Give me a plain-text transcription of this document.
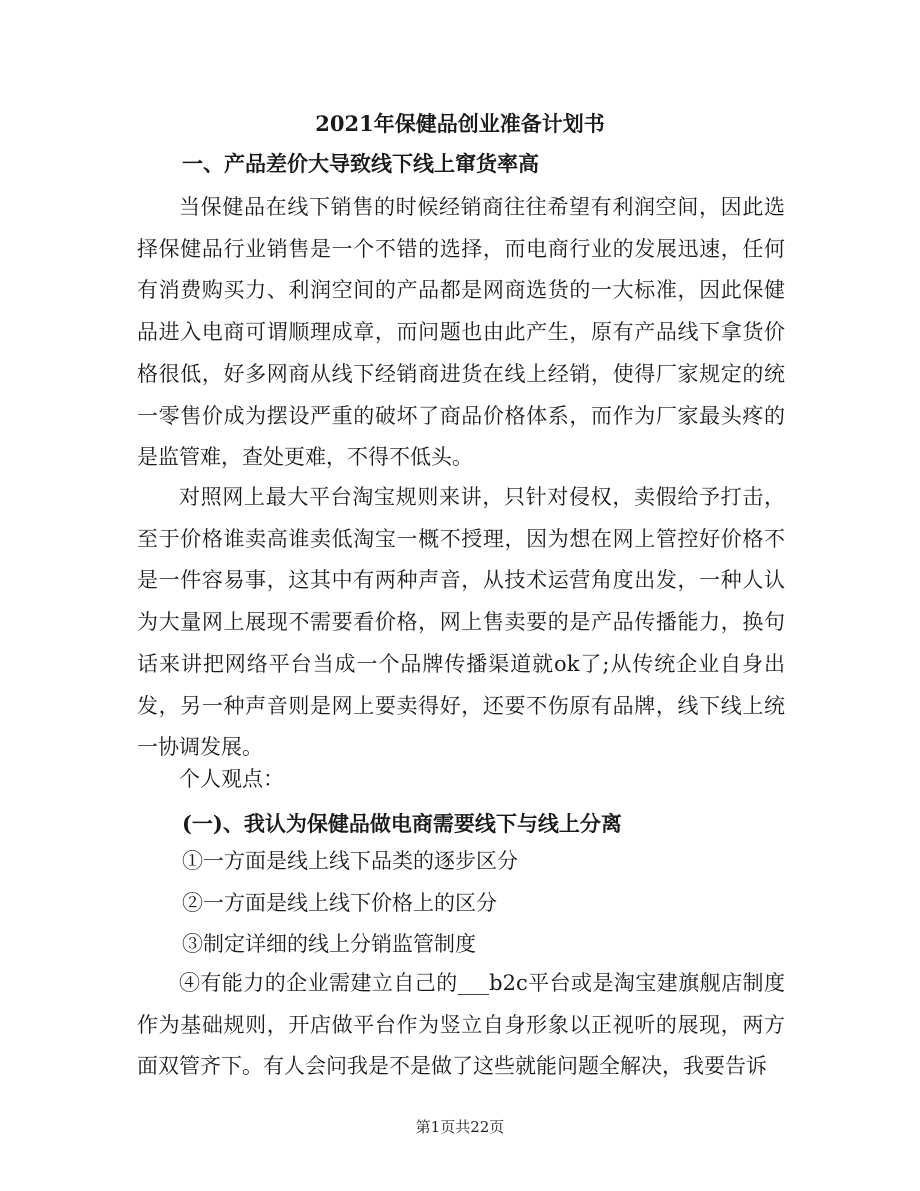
2021年保健品创业准备计划书
一、产品差价大导致线下线上窜货率高

当保健品在线下销售的时候经销商往往希望有利润空间，因此选择保健品行业销售是一个不错的选择，而电商行业的发展迅速，任何有消费购买力、利润空间的产品都是网商选货的一大标准，因此保健品进入电商可谓顺理成章，而问题也由此产生，原有产品线下拿货价格很低，好多网商从线下经销商进货在线上经销，使得厂家规定的统一零售价成为摆设严重的破坏了商品价格体系，而作为厂家最头疼的是监管难，查处更难，不得不低头。

对照网上最大平台淘宝规则来讲，只针对侵权，卖假给予打击，至于价格谁卖高谁卖低淘宝一概不授理，因为想在网上管控好价格不是一件容易事，这其中有两种声音，从技术运营角度出发，一种人认为大量网上展现不需要看价格，网上售卖要的是产品传播能力，换句话来讲把网络平台当成一个品牌传播渠道就ok了;从传统企业自身出发，另一种声音则是网上要卖得好，还要不伤原有品牌，线下线上统一协调发展。

个人观点：

(一)、我认为保健品做电商需要线下与线上分离
①一方面是线上线下品类的逐步区分
②一方面是线上线下价格上的区分
③制定详细的线上分销监管制度

④有能力的企业需建立自己的___b2c平台或是淘宝建旗舰店制度作为基础规则，开店做平台作为竖立自身形象以正视听的展现，两方面双管齐下。有人会问我是不是做了这些就能问题全解决，我要告诉

第1页共22页
